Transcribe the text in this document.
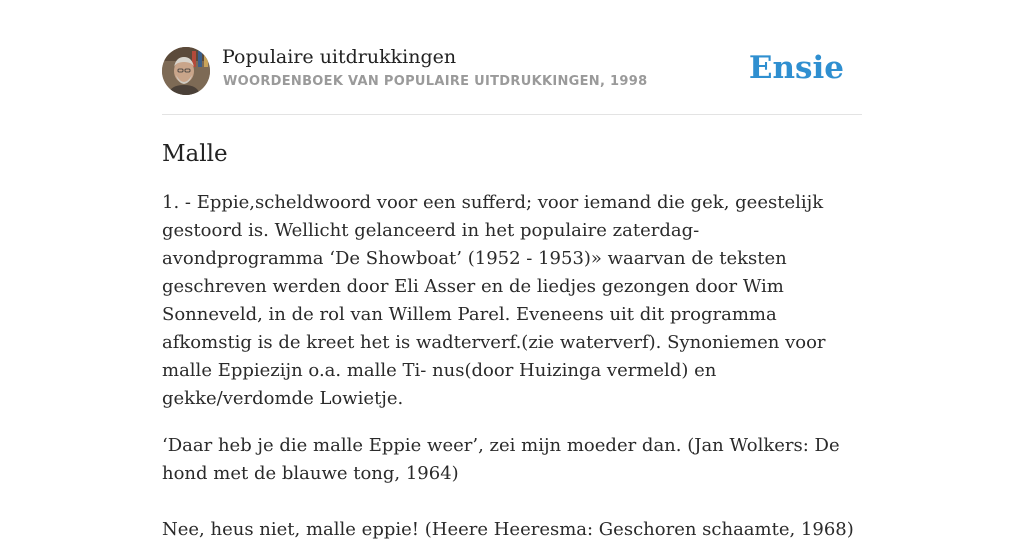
Populaire uitdrukkingen
WOORDENBOEK VAN POPULAIRE UITDRUKKINGEN, 1998	Ensie
Malle

1. - Eppie,scheldwoord voor een sufferd; voor iemand die gek, geestelijk gestoord is. Wellicht gelanceerd in het populaire zaterdag- avondprogramma ‘De Showboat’ (1952 - 1953)» waarvan de teksten geschreven werden door Eli Asser en de liedjes gezongen door Wim Sonneveld, in de rol van Willem Parel. Eveneens uit dit programma afkomstig is de kreet het is wadterverf.(zie waterverf). Synoniemen voor malle Eppiezijn o.a. malle Ti- nus(door Huizinga vermeld) en gekke/verdomde Lowietje.

‘Daar heb je die malle Eppie weer’, zei mijn moeder dan. (Jan Wolkers: De hond met de blauwe tong, 1964)

Nee, heus niet, malle eppie! (Heere Heeresma: Geschoren schaamte, 1968)
